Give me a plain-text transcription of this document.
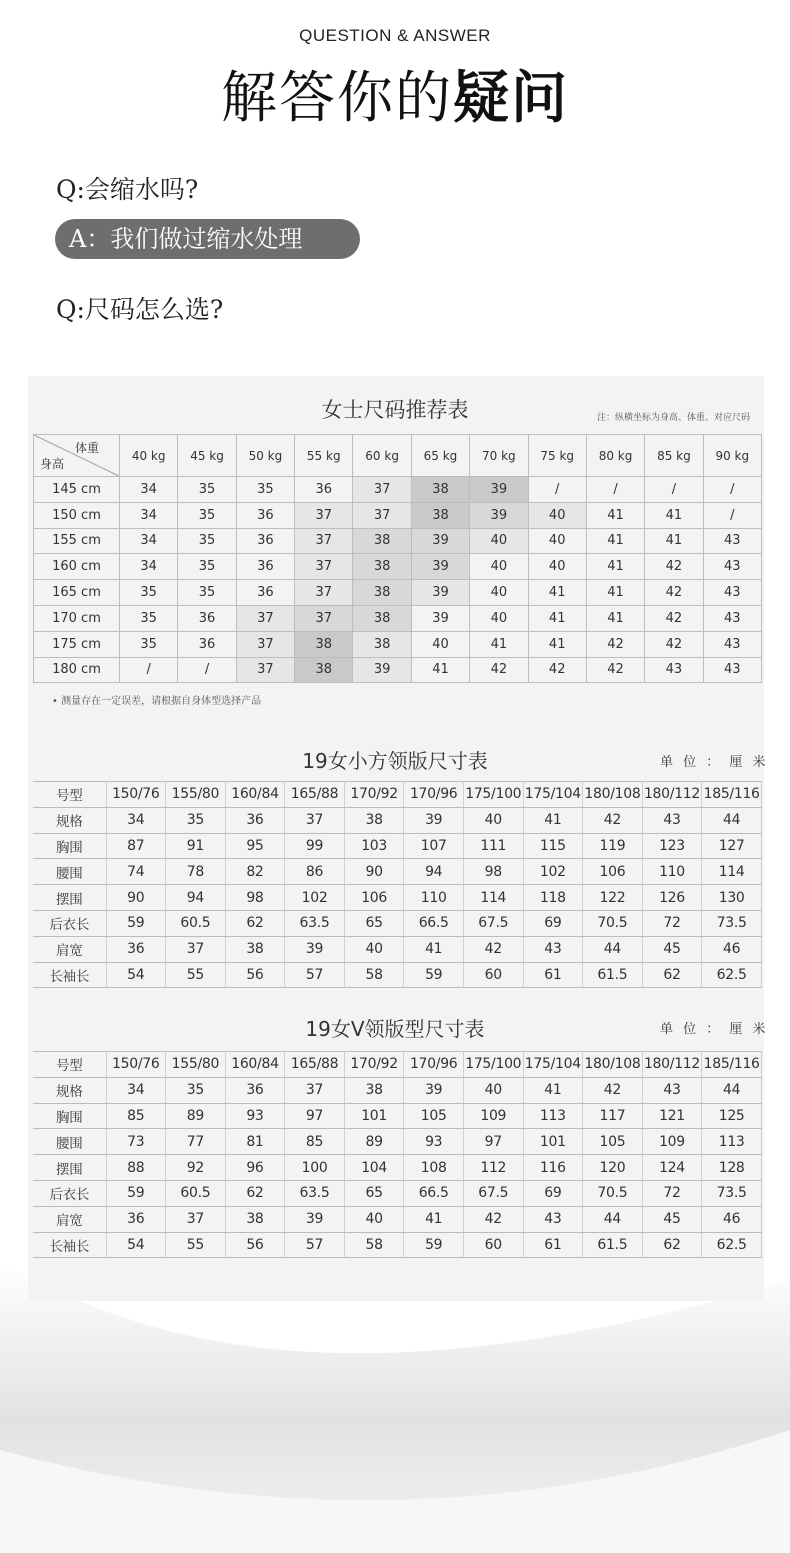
QUESTION & ANSWER
解答你的疑问
Q:会缩水吗?
A：我们做过缩水处理
Q:尺码怎么选?
女士尺码推荐表	注：纵横坐标为身高、体重、对应尺码
体重
身高	40 kg	45 kg	50 kg	55 kg	60 kg	65 kg	70 kg	75 kg	80 kg	85 kg	90 kg
145 cm	34	35	35	36	37	38	39	/	/	/	/
150 cm	34	35	36	37	37	38	39	40	41	41	/
155 cm	34	35	36	37	38	39	40	40	41	41	43
160 cm	34	35	36	37	38	39	40	40	41	42	43
165 cm	35	35	36	37	38	39	40	41	41	42	43
170 cm	35	36	37	37	38	39	40	41	41	42	43
175 cm	35	36	37	38	38	40	41	41	42	42	43
180 cm	/	/	37	38	39	41	42	42	42	43	43
• 测量存在一定误差，请根据自身体型选择产品
19女小方领版尺寸表	单 位 ： 厘 米
号型	150/76	155/80	160/84	165/88	170/92	170/96	175/100	175/104	180/108	180/112	185/116
规格	34	35	36	37	38	39	40	41	42	43	44
胸围	87	91	95	99	103	107	111	115	119	123	127
腰围	74	78	82	86	90	94	98	102	106	110	114
摆围	90	94	98	102	106	110	114	118	122	126	130
后衣长	59	60.5	62	63.5	65	66.5	67.5	69	70.5	72	73.5
肩宽	36	37	38	39	40	41	42	43	44	45	46
长袖长	54	55	56	57	58	59	60	61	61.5	62	62.5
19女V领版型尺寸表	单 位 ： 厘 米
号型	150/76	155/80	160/84	165/88	170/92	170/96	175/100	175/104	180/108	180/112	185/116
规格	34	35	36	37	38	39	40	41	42	43	44
胸围	85	89	93	97	101	105	109	113	117	121	125
腰围	73	77	81	85	89	93	97	101	105	109	113
摆围	88	92	96	100	104	108	112	116	120	124	128
后衣长	59	60.5	62	63.5	65	66.5	67.5	69	70.5	72	73.5
肩宽	36	37	38	39	40	41	42	43	44	45	46
长袖长	54	55	56	57	58	59	60	61	61.5	62	62.5
